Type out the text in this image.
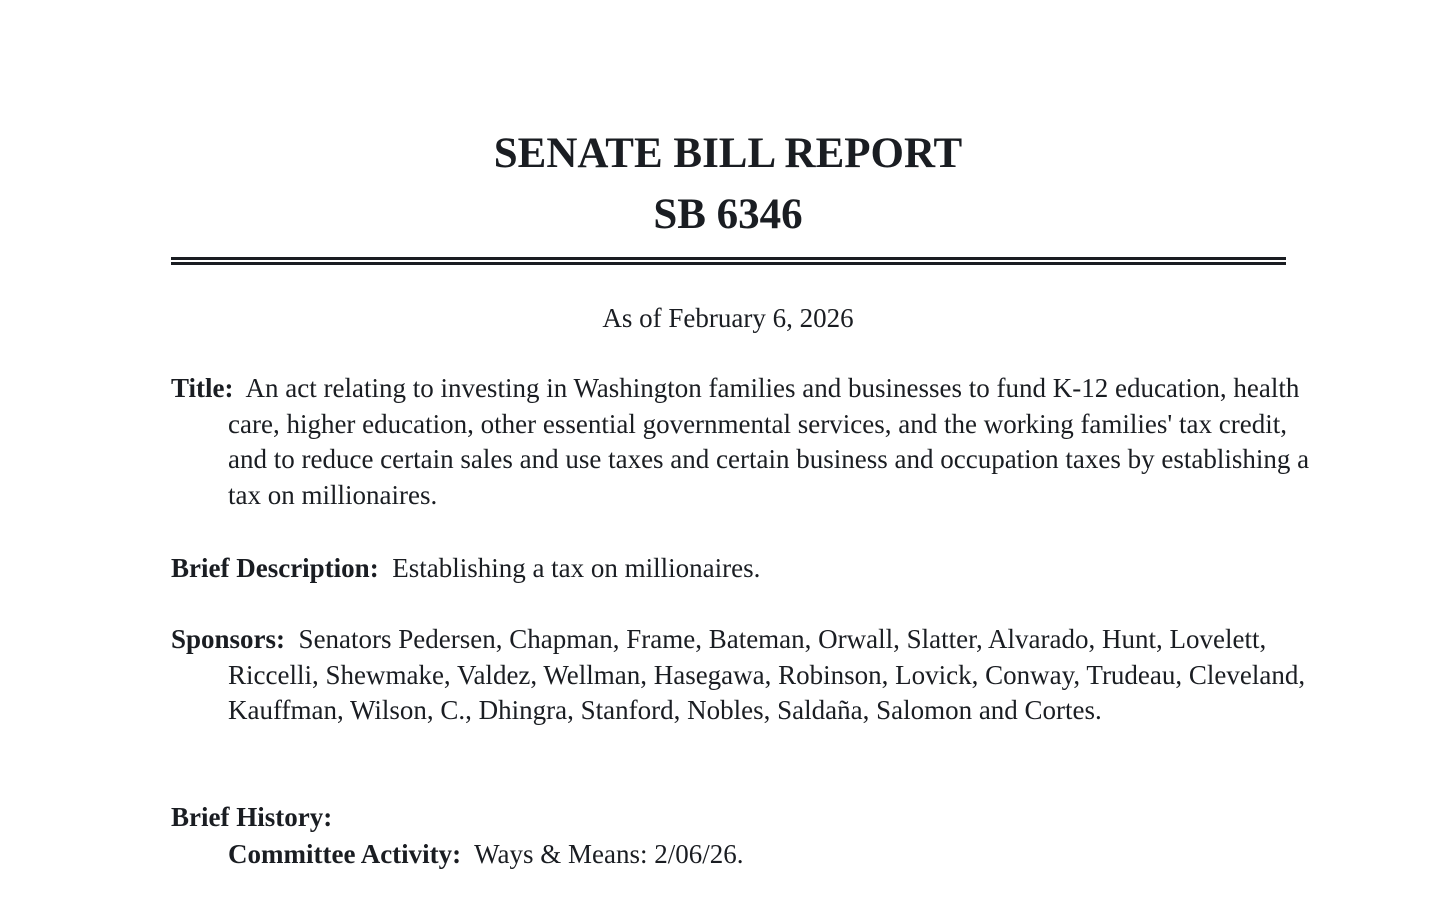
SENATE BILL REPORT
SB 6346
As of February 6, 2026
Title: An act relating to investing in Washington families and businesses to fund K-12 education, health care, higher education, other essential governmental services, and the working families' tax credit, and to reduce certain sales and use taxes and certain business and occupation taxes by establishing a tax on millionaires.
Brief Description: Establishing a tax on millionaires.
Sponsors: Senators Pedersen, Chapman, Frame, Bateman, Orwall, Slatter, Alvarado, Hunt, Lovelett, Riccelli, Shewmake, Valdez, Wellman, Hasegawa, Robinson, Lovick, Conway, Trudeau, Cleveland, Kauffman, Wilson, C., Dhingra, Stanford, Nobles, Saldaña, Salomon and Cortes.
Brief History:
Committee Activity: Ways & Means: 2/06/26.
